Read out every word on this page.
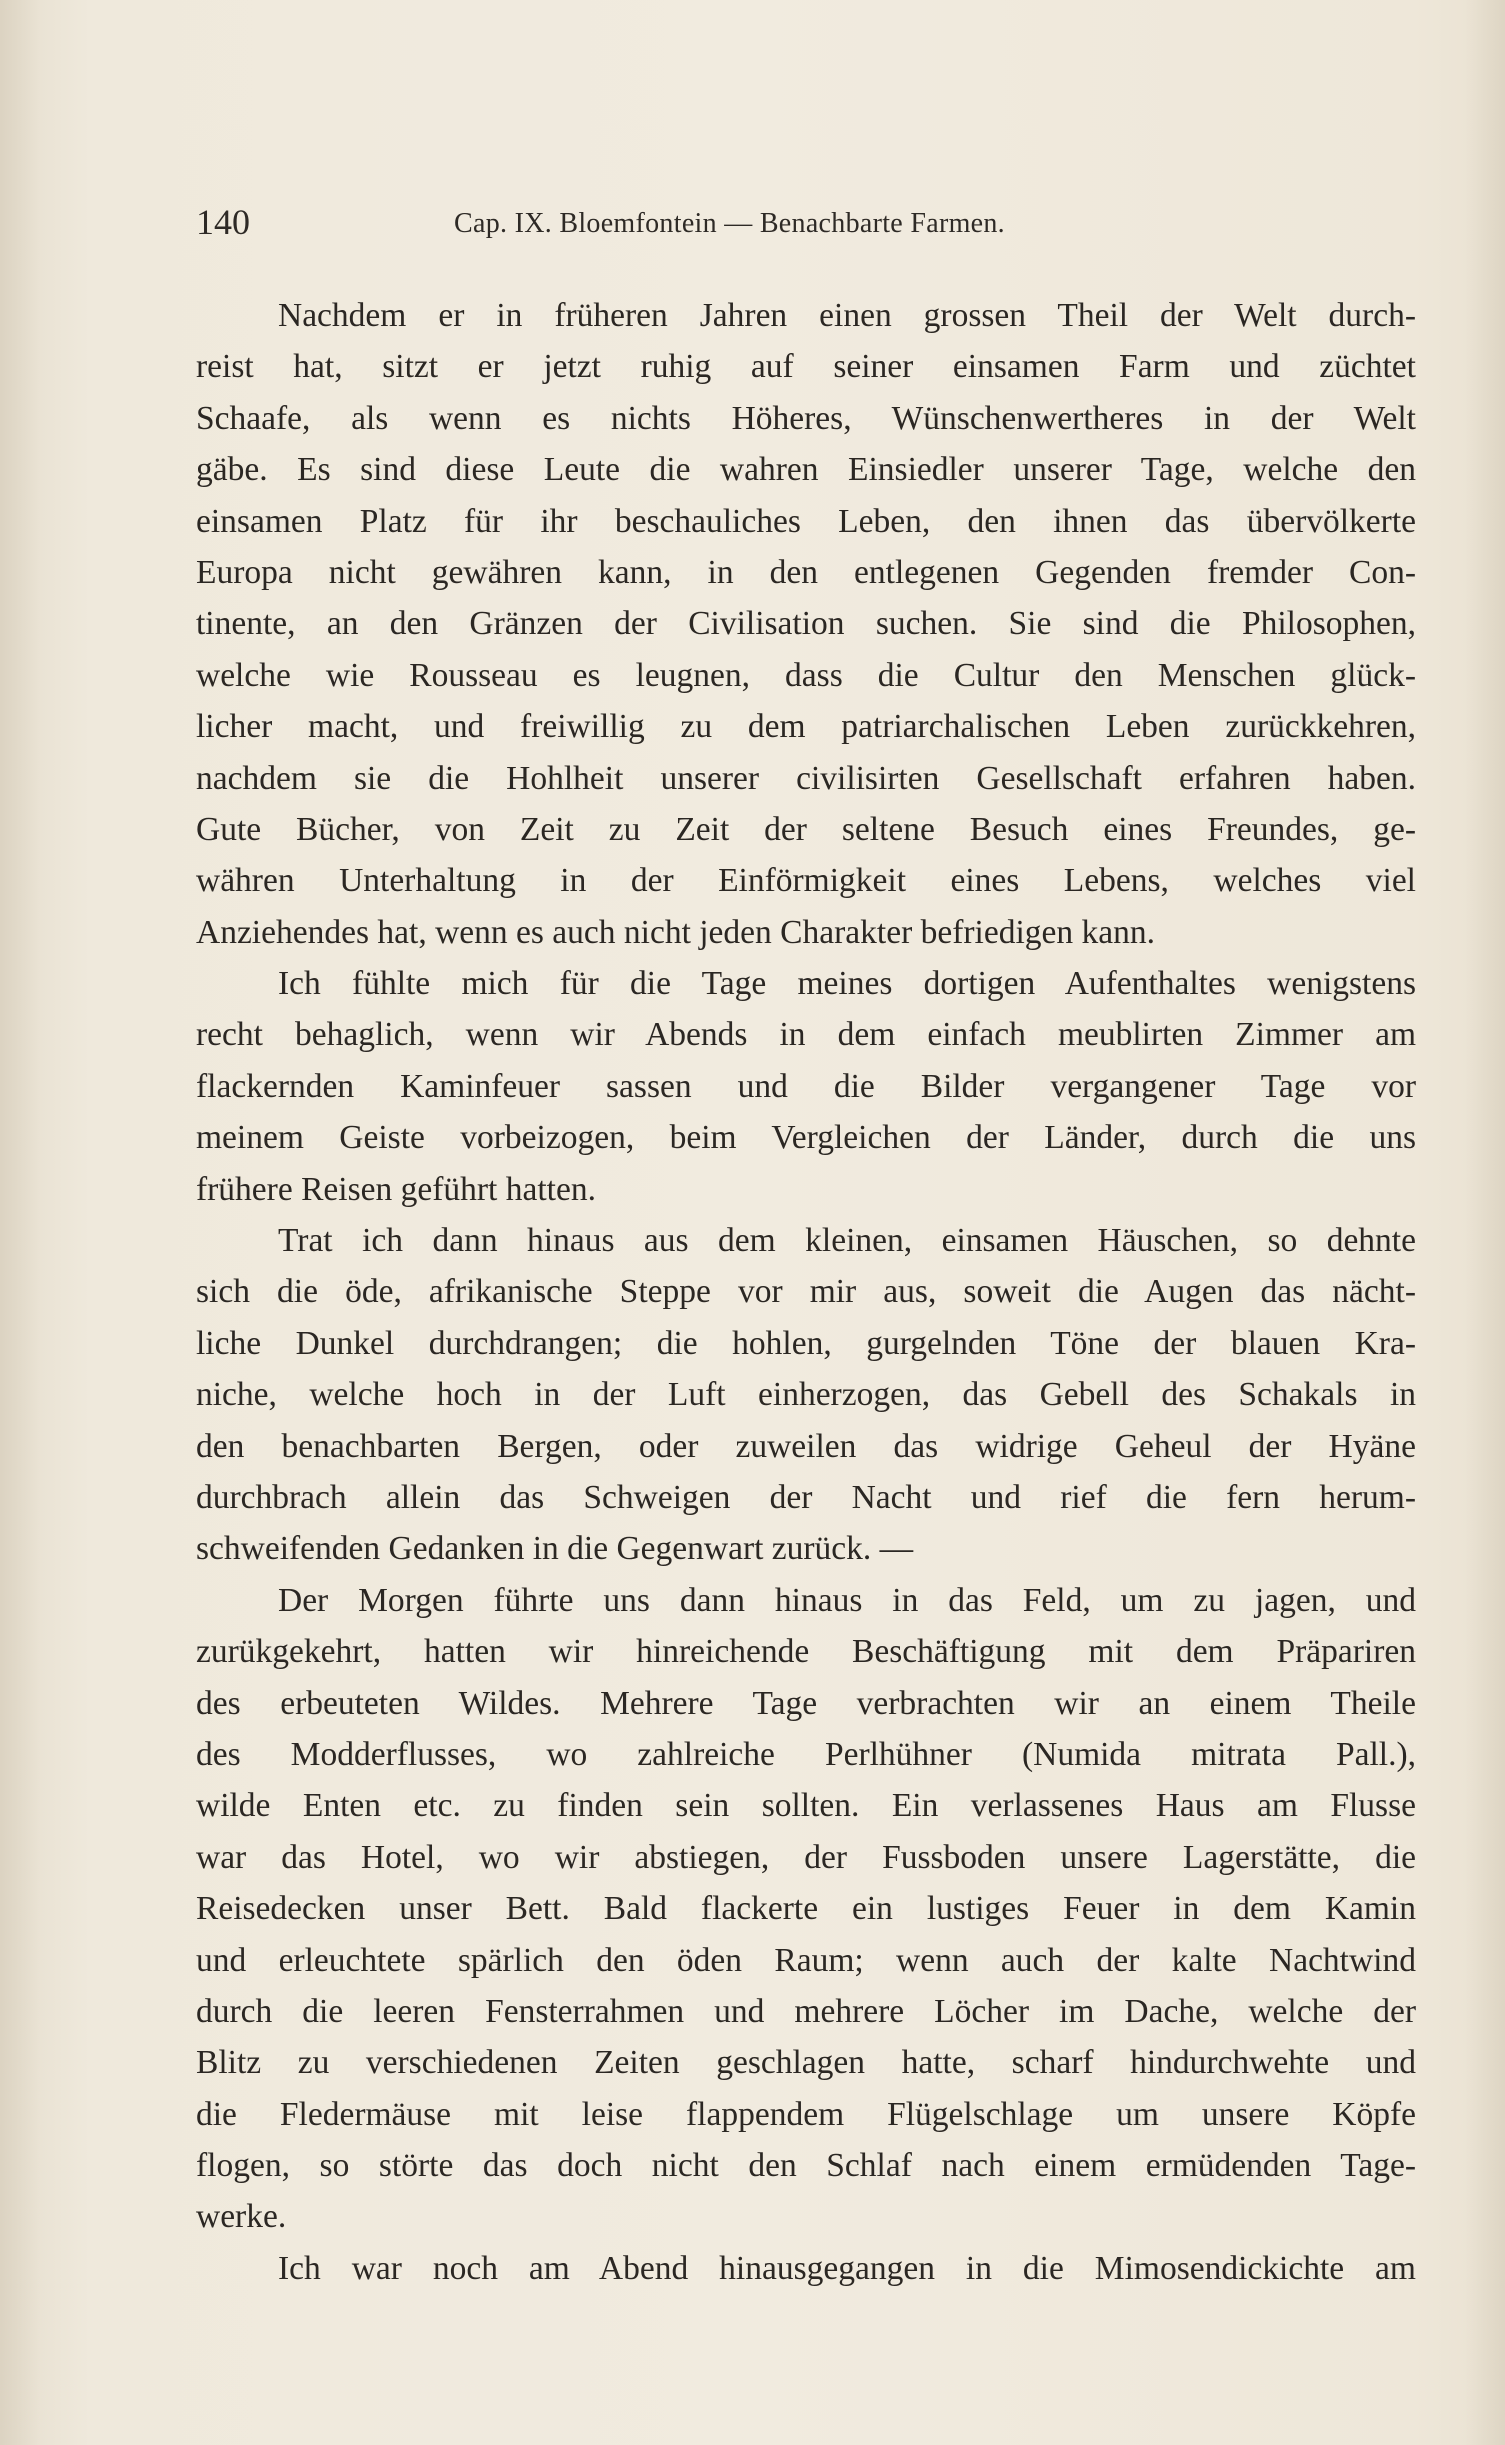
140	Cap. IX. Bloemfontein — Benachbarte Farmen.
Nachdem er in früheren Jahren einen grossen Theil der Welt durch-
reist hat, sitzt er jetzt ruhig auf seiner einsamen Farm und züchtet
Schaafe, als wenn es nichts Höheres, Wünschenwertheres in der Welt
gäbe. Es sind diese Leute die wahren Einsiedler unserer Tage, welche den
einsamen Platz für ihr beschauliches Leben, den ihnen das übervölkerte
Europa nicht gewähren kann, in den entlegenen Gegenden fremder Con-
tinente, an den Gränzen der Civilisation suchen. Sie sind die Philosophen,
welche wie Rousseau es leugnen, dass die Cultur den Menschen glück-
licher macht, und freiwillig zu dem patriarchalischen Leben zurückkehren,
nachdem sie die Hohlheit unserer civilisirten Gesellschaft erfahren haben.
Gute Bücher, von Zeit zu Zeit der seltene Besuch eines Freundes, ge-
währen Unterhaltung in der Einförmigkeit eines Lebens, welches viel
Anziehendes hat, wenn es auch nicht jeden Charakter befriedigen kann.
Ich fühlte mich für die Tage meines dortigen Aufenthaltes wenigstens
recht behaglich, wenn wir Abends in dem einfach meublirten Zimmer am
flackernden Kaminfeuer sassen und die Bilder vergangener Tage vor
meinem Geiste vorbeizogen, beim Vergleichen der Länder, durch die uns
frühere Reisen geführt hatten.
Trat ich dann hinaus aus dem kleinen, einsamen Häuschen, so dehnte
sich die öde, afrikanische Steppe vor mir aus, soweit die Augen das nächt-
liche Dunkel durchdrangen; die hohlen, gurgelnden Töne der blauen Kra-
niche, welche hoch in der Luft einherzogen, das Gebell des Schakals in
den benachbarten Bergen, oder zuweilen das widrige Geheul der Hyäne
durchbrach allein das Schweigen der Nacht und rief die fern herum-
schweifenden Gedanken in die Gegenwart zurück. —
Der Morgen führte uns dann hinaus in das Feld, um zu jagen, und
zurükgekehrt, hatten wir hinreichende Beschäftigung mit dem Präpariren
des erbeuteten Wildes. Mehrere Tage verbrachten wir an einem Theile
des Modderflusses, wo zahlreiche Perlhühner (Numida mitrata Pall.),
wilde Enten etc. zu finden sein sollten. Ein verlassenes Haus am Flusse
war das Hotel, wo wir abstiegen, der Fussboden unsere Lagerstätte, die
Reisedecken unser Bett. Bald flackerte ein lustiges Feuer in dem Kamin
und erleuchtete spärlich den öden Raum; wenn auch der kalte Nachtwind
durch die leeren Fensterrahmen und mehrere Löcher im Dache, welche der
Blitz zu verschiedenen Zeiten geschlagen hatte, scharf hindurchwehte und
die Fledermäuse mit leise flappendem Flügelschlage um unsere Köpfe
flogen, so störte das doch nicht den Schlaf nach einem ermüdenden Tage-
werke.
Ich war noch am Abend hinausgegangen in die Mimosendickichte am
